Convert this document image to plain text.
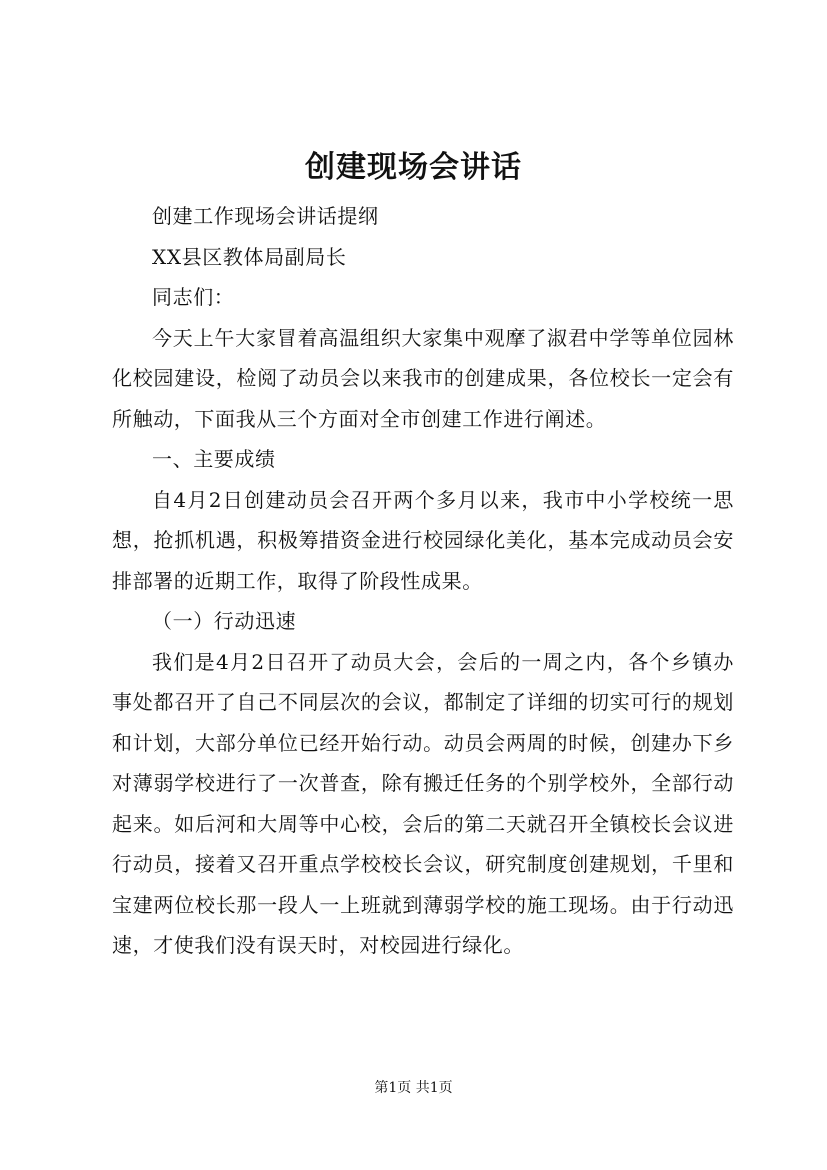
创建现场会讲话

创建工作现场会讲话提纲

XX县区教体局副局长

同志们：

今天上午大家冒着高温组织大家集中观摩了淑君中学等单位园林化校园建设，检阅了动员会以来我市的创建成果，各位校长一定会有所触动，下面我从三个方面对全市创建工作进行阐述。

一、主要成绩

自4月2日创建动员会召开两个多月以来，我市中小学校统一思想，抢抓机遇，积极筹措资金进行校园绿化美化，基本完成动员会安排部署的近期工作，取得了阶段性成果。

（一）行动迅速

我们是4月2日召开了动员大会，会后的一周之内，各个乡镇办事处都召开了自己不同层次的会议，都制定了详细的切实可行的规划和计划，大部分单位已经开始行动。动员会两周的时候，创建办下乡对薄弱学校进行了一次普查，除有搬迁任务的个别学校外，全部行动起来。如后河和大周等中心校，会后的第二天就召开全镇校长会议进行动员，接着又召开重点学校校长会议，研究制度创建规划，千里和宝建两位校长那一段人一上班就到薄弱学校的施工现场。由于行动迅速，才使我们没有误天时，对校园进行绿化。

第1页 共1页
